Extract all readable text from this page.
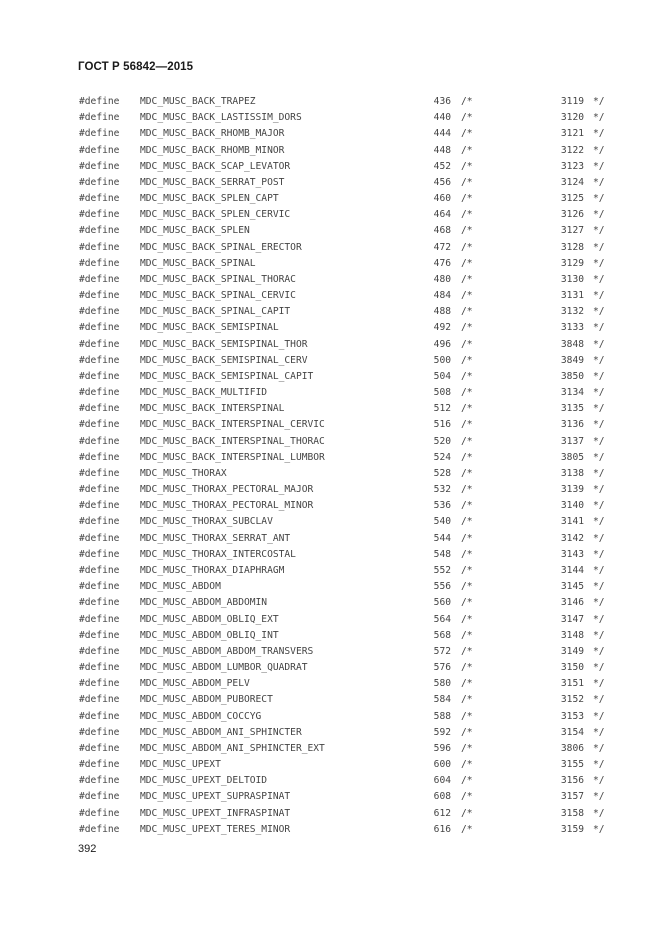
ГОСТ Р 56842—2015
#define MDC_MUSC_BACK_TRAPEZ	436 /*	3119 */
#define MDC_MUSC_BACK_LASTISSIM_DORS	440 /*	3120 */
#define MDC_MUSC_BACK_RHOMB_MAJOR	444 /*	3121 */
#define MDC_MUSC_BACK_RHOMB_MINOR	448 /*	3122 */
#define MDC_MUSC_BACK_SCAP_LEVATOR	452 /*	3123 */
#define MDC_MUSC_BACK_SERRAT_POST	456 /*	3124 */
#define MDC_MUSC_BACK_SPLEN_CAPT	460 /*	3125 */
#define MDC_MUSC_BACK_SPLEN_CERVIC	464 /*	3126 */
#define MDC_MUSC_BACK_SPLEN	468 /*	3127 */
#define MDC_MUSC_BACK_SPINAL_ERECTOR	472 /*	3128 */
#define MDC_MUSC_BACK_SPINAL	476 /*	3129 */
#define MDC_MUSC_BACK_SPINAL_THORAC	480 /*	3130 */
#define MDC_MUSC_BACK_SPINAL_CERVIC	484 /*	3131 */
#define MDC_MUSC_BACK_SPINAL_CAPIT	488 /*	3132 */
#define MDC_MUSC_BACK_SEMISPINAL	492 /*	3133 */
#define MDC_MUSC_BACK_SEMISPINAL_THOR	496 /*	3848 */
#define MDC_MUSC_BACK_SEMISPINAL_CERV	500 /*	3849 */
#define MDC_MUSC_BACK_SEMISPINAL_CAPIT	504 /*	3850 */
#define MDC_MUSC_BACK_MULTIFID	508 /*	3134 */
#define MDC_MUSC_BACK_INTERSPINAL	512 /*	3135 */
#define MDC_MUSC_BACK_INTERSPINAL_CERVIC	516 /*	3136 */
#define MDC_MUSC_BACK_INTERSPINAL_THORAC	520 /*	3137 */
#define MDC_MUSC_BACK_INTERSPINAL_LUMBOR	524 /*	3805 */
#define MDC_MUSC_THORAX	528 /*	3138 */
#define MDC_MUSC_THORAX_PECTORAL_MAJOR	532 /*	3139 */
#define MDC_MUSC_THORAX_PECTORAL_MINOR	536 /*	3140 */
#define MDC_MUSC_THORAX_SUBCLAV	540 /*	3141 */
#define MDC_MUSC_THORAX_SERRAT_ANT	544 /*	3142 */
#define MDC_MUSC_THORAX_INTERCOSTAL	548 /*	3143 */
#define MDC_MUSC_THORAX_DIAPHRAGM	552 /*	3144 */
#define MDC_MUSC_ABDOM	556 /*	3145 */
#define MDC_MUSC_ABDOM_ABDOMIN	560 /*	3146 */
#define MDC_MUSC_ABDOM_OBLIQ_EXT	564 /*	3147 */
#define MDC_MUSC_ABDOM_OBLIQ_INT	568 /*	3148 */
#define MDC_MUSC_ABDOM_ABDOM_TRANSVERS	572 /*	3149 */
#define MDC_MUSC_ABDOM_LUMBOR_QUADRAT	576 /*	3150 */
#define MDC_MUSC_ABDOM_PELV	580 /*	3151 */
#define MDC_MUSC_ABDOM_PUBORECT	584 /*	3152 */
#define MDC_MUSC_ABDOM_COCCYG	588 /*	3153 */
#define MDC_MUSC_ABDOM_ANI_SPHINCTER	592 /*	3154 */
#define MDC_MUSC_ABDOM_ANI_SPHINCTER_EXT	596 /*	3806 */
#define MDC_MUSC_UPEXT	600 /*	3155 */
#define MDC_MUSC_UPEXT_DELTOID	604 /*	3156 */
#define MDC_MUSC_UPEXT_SUPRASPINAT	608 /*	3157 */
#define MDC_MUSC_UPEXT_INFRASPINAT	612 /*	3158 */
#define MDC_MUSC_UPEXT_TERES_MINOR	616 /*	3159 */
392
